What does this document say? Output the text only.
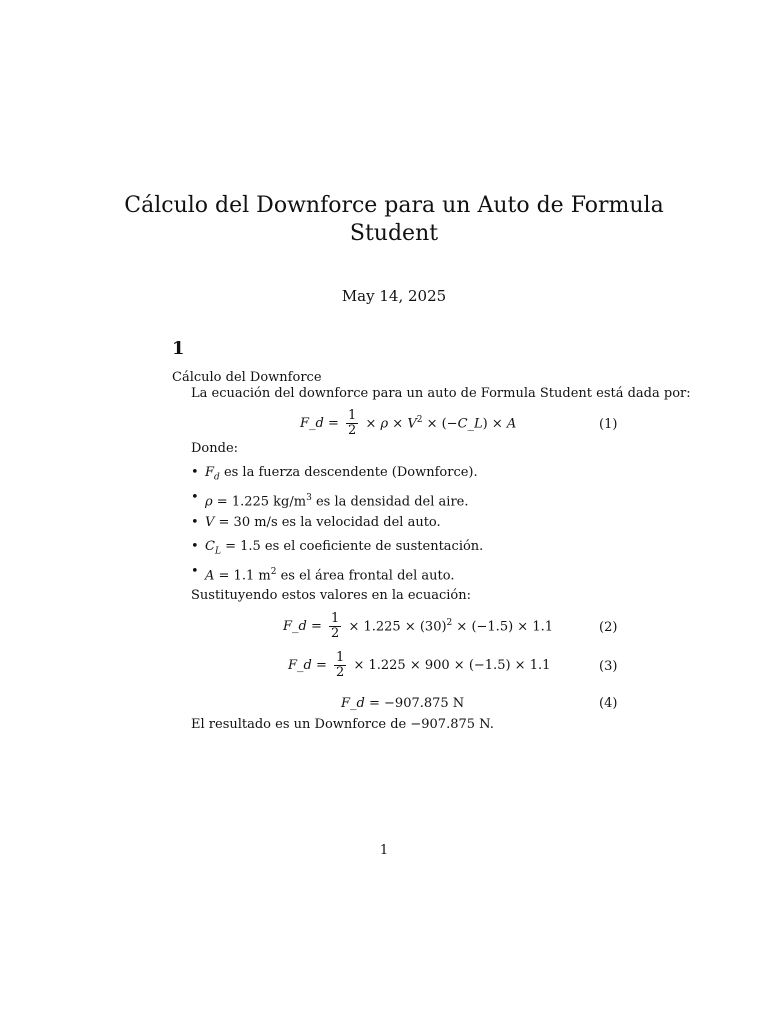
Cálculo del Downforce para un Auto de Formula
Student
May 14, 2025
1
Cálculo del Downforce
La ecuación del downforce para un auto de Formula Student está dada por:
F _ $d = \frac{1}{2} \times \rho \times V^2$ × (−C_L) × A	(1)
Donde:
• $F_d$ es la fuerza descendente (Downforce).
• ρ = 1.225 $kg/m^3$ es la densidad del aire.
• V = 30 m/s es la velocidad del auto.
• $C_L = 1.5$ es el coeficiente de sustentación.
• A = 1.1 $m^2$ es el área frontal del auto.
Sustituyendo estos valores en la ecuación:
F _ $d = \frac{1}{2} \times 1.225 \times (30)^2 \times (-1.5) \times 1.1$	(2)
F _ $d = \frac{1}{2} \times 1.225 \times 900 \times (-1.5) \times 1.1$	(3)
F _ d
= −907.875 N	(4)
El resultado es un Downforce de −907.875 N.
1
